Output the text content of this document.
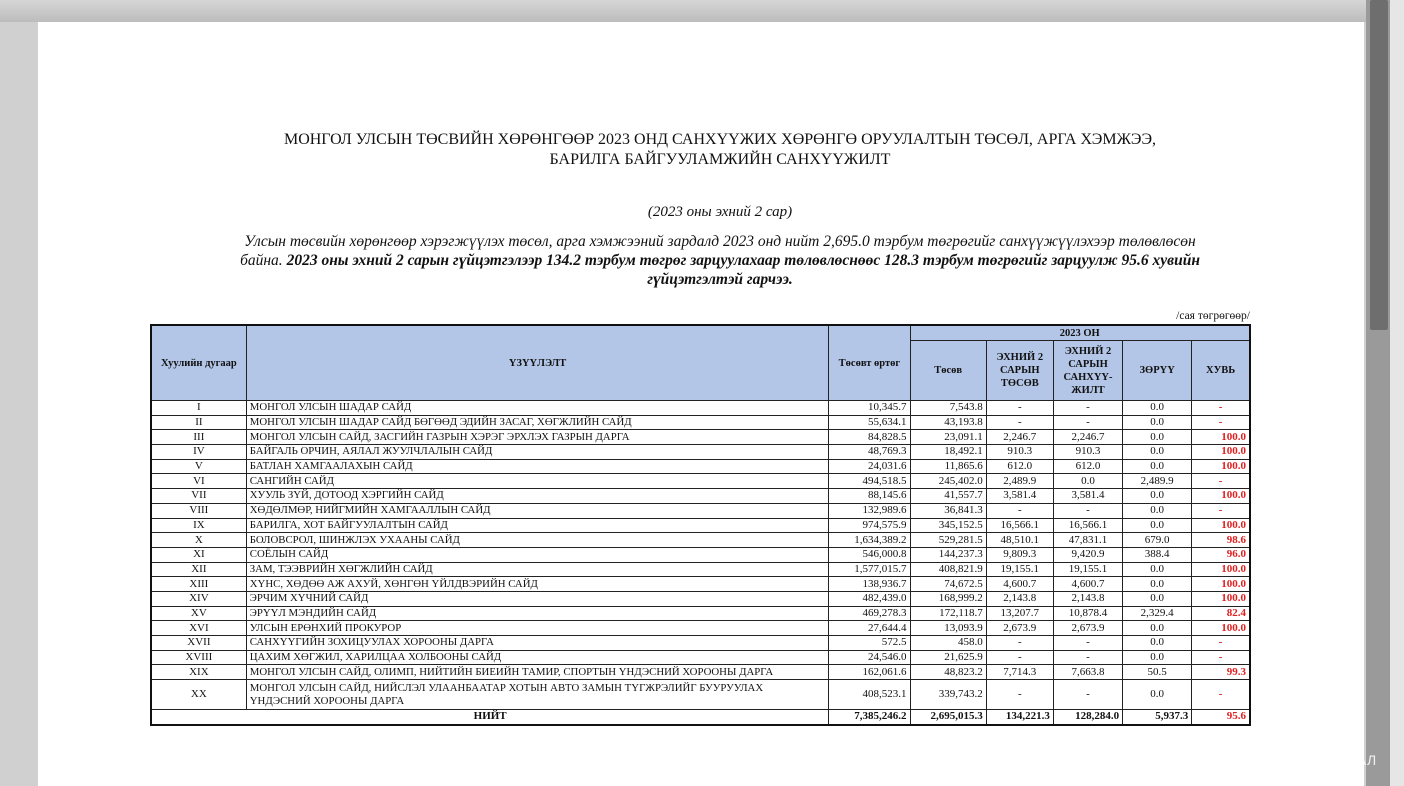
МОНГОЛ УЛСЫН ТӨСВИЙН ХӨРӨНГӨӨР 2023 ОНД САНХҮҮЖИХ ХӨРӨНГӨ ОРУУЛАЛТЫН ТӨСӨЛ, АРГА ХЭМЖЭЭ, БАРИЛГА БАЙГУУЛАМЖИЙН САНХҮҮЖИЛТ
(2023 оны эхний 2 сар)
Улсын төсвийн хөрөнгөөр хэрэгжүүлэх төсөл, арга хэмжээний зардалд 2023 онд нийт 2,695.0 тэрбум төгрөгийг санхүүжүүлэхээр төлөвлөсөн байна. 2023 оны эхний 2 сарын гүйцэтгэлээр 134.2 тэрбум төгрөг зарцуулахаар төлөвлөснөөс 128.3 тэрбум төгрөгийг зарцуулж 95.6 хувийн гүйцэтгэлтэй гарчээ.
/сая төгрөгөөр/
Хуулийн дугаар	ҮЗҮҮЛЭЛТ	Төсөвт өртөг	2023 ОН				
			Төсөв	ЭХНИЙ 2 САРЫН ТӨСӨВ	ЭХНИЙ 2 САРЫН САНХҮҮ-ЖИЛТ	ЗӨРҮҮ	ХУВЬ
I	МОНГОЛ УЛСЫН ШАДАР САЙД	10,345.7	7,543.8	-	-	0.0	-
II	МОНГОЛ УЛСЫН ШАДАР САЙД БӨГӨӨД ЭДИЙН ЗАСАГ, ХӨГЖЛИЙН САЙД	55,634.1	43,193.8	-	-	0.0	-
III	МОНГОЛ УЛСЫН САЙД, ЗАСГИЙН ГАЗРЫН ХЭРЭГ ЭРХЛЭХ ГАЗРЫН ДАРГА	84,828.5	23,091.1	2,246.7	2,246.7	0.0	100.0
IV	БАЙГАЛЬ ОРЧИН, АЯЛАЛ ЖУУЛЧЛАЛЫН САЙД	48,769.3	18,492.1	910.3	910.3	0.0	100.0
V	БАТЛАН ХАМГААЛАХЫН САЙД	24,031.6	11,865.6	612.0	612.0	0.0	100.0
VI	САНГИЙН САЙД	494,518.5	245,402.0	2,489.9	0.0	2,489.9	-
VII	ХУУЛЬ ЗҮЙ, ДОТООД ХЭРГИЙН САЙД	88,145.6	41,557.7	3,581.4	3,581.4	0.0	100.0
VIII	ХӨДӨЛМӨР, НИЙГМИЙН ХАМГААЛЛЫН САЙД	132,989.6	36,841.3	-	-	0.0	-
IX	БАРИЛГА, ХОТ БАЙГУУЛАЛТЫН САЙД	974,575.9	345,152.5	16,566.1	16,566.1	0.0	100.0
X	БОЛОВСРОЛ, ШИНЖЛЭХ УХААНЫ САЙД	1,634,389.2	529,281.5	48,510.1	47,831.1	679.0	98.6
XI	СОЁЛЫН САЙД	546,000.8	144,237.3	9,809.3	9,420.9	388.4	96.0
XII	ЗАМ, ТЭЭВРИЙН ХӨГЖЛИЙН САЙД	1,577,015.7	408,821.9	19,155.1	19,155.1	0.0	100.0
XIII	ХҮНС, ХӨДӨӨ АЖ АХУЙ, ХӨНГӨН ҮЙЛДВЭРИЙН САЙД	138,936.7	74,672.5	4,600.7	4,600.7	0.0	100.0
XIV	ЭРЧИМ ХҮЧНИЙ САЙД	482,439.0	168,999.2	2,143.8	2,143.8	0.0	100.0
XV	ЭРҮҮЛ МЭНДИЙН САЙД	469,278.3	172,118.7	13,207.7	10,878.4	2,329.4	82.4
XVI	УЛСЫН ЕРӨНХИЙ ПРОКУРОР	27,644.4	13,093.9	2,673.9	2,673.9	0.0	100.0
XVII	САНХҮҮГИЙН ЗОХИЦУУЛАХ ХОРООНЫ ДАРГА	572.5	458.0	-	-	0.0	-
XVIII	ЦАХИМ ХӨГЖИЛ, ХАРИЛЦАА ХОЛБООНЫ САЙД	24,546.0	21,625.9	-	-	0.0	-
XIX	МОНГОЛ УЛСЫН САЙД, ОЛИМП, НИЙТИЙН БИЕИЙН ТАМИР, СПОРТЫН ҮНДЭСНИЙ ХОРООНЫ ДАРГА	162,061.6	48,823.2	7,714.3	7,663.8	50.5	99.3
XX	МОНГОЛ УЛСЫН САЙД, НИЙСЛЭЛ УЛААНБААТАР ХОТЫН АВТО ЗАМЫН ТҮГЖРЭЛИЙГ БУУРУУЛАХ ҮНДЭСНИЙ ХОРООНЫ ДАРГА	408,523.1	339,743.2	-	-	0.0	-
НИЙТ		7,385,246.2	2,695,015.3	134,221.3	128,284.0	5,937.3	95.6
МОНГОЛ УЛСЫН ИХ ХУРАЛ
